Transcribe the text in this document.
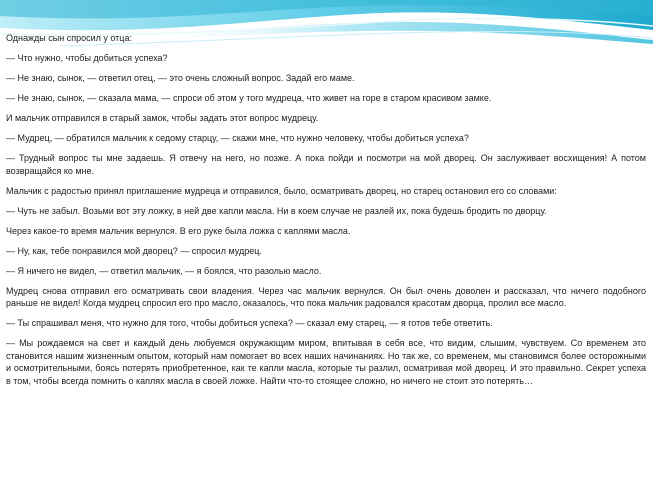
Однажды сын спросил у отца:

— Что нужно, чтобы добиться успеха?

— Не знаю, сынок, — ответил отец, — это очень сложный вопрос. Задай его маме.

— Не знаю, сынок, — сказала мама, — спроси об этом у того мудреца, что живет на горе в старом красивом замке.

И мальчик отправился в старый замок, чтобы задать этот вопрос мудрецу.

— Мудрец, — обратился мальчик к седому старцу, — скажи мне, что нужно человеку, чтобы добиться успеха?

— Трудный вопрос ты мне задаешь. Я отвечу на него, но позже. А пока пойди и посмотри на мой дворец. Он заслуживает восхищения! А потом возвращайся ко мне.

Мальчик с радостью принял приглашение мудреца и отправился, было, осматривать дворец, но старец остановил его со словами:

— Чуть не забыл. Возьми вот эту ложку, в ней две капли масла. Ни в коем случае не разлей их, пока будешь бродить по дворцу.

Через какое-то время мальчик вернулся. В его руке была ложка с каплями масла.

— Ну, как, тебе понравился мой дворец? — спросил мудрец.

— Я ничего не видел, — ответил мальчик, — я боялся, что разолью масло.

Мудрец снова отправил его осматривать свои владения. Через час мальчик вернулся. Он был очень доволен и рассказал, что ничего подобного раньше не видел! Когда мудрец спросил его про масло, оказалось, что пока мальчик радовался красотам дворца, пролил все масло.

— Ты спрашивал меня, что нужно для того, чтобы добиться успеха? — сказал ему старец, — я готов тебе ответить.

— Мы рождаемся на свет и каждый день любуемся окружающим миром, впитывая в себя все, что видим, слышим, чувствуем. Со временем это становится нашим жизненным опытом, который нам помогает во всех наших начинаниях. Но так же, со временем, мы становимся более осторожными и осмотрительными, боясь потерять приобретенное, как те капли масла, которые ты разлил, осматривая мой дворец. И это правильно. Секрет успеха в том, чтобы всегда помнить о каплях масла в своей ложке. Найти что-то стоящее сложно, но ничего не стоит это потерять…
